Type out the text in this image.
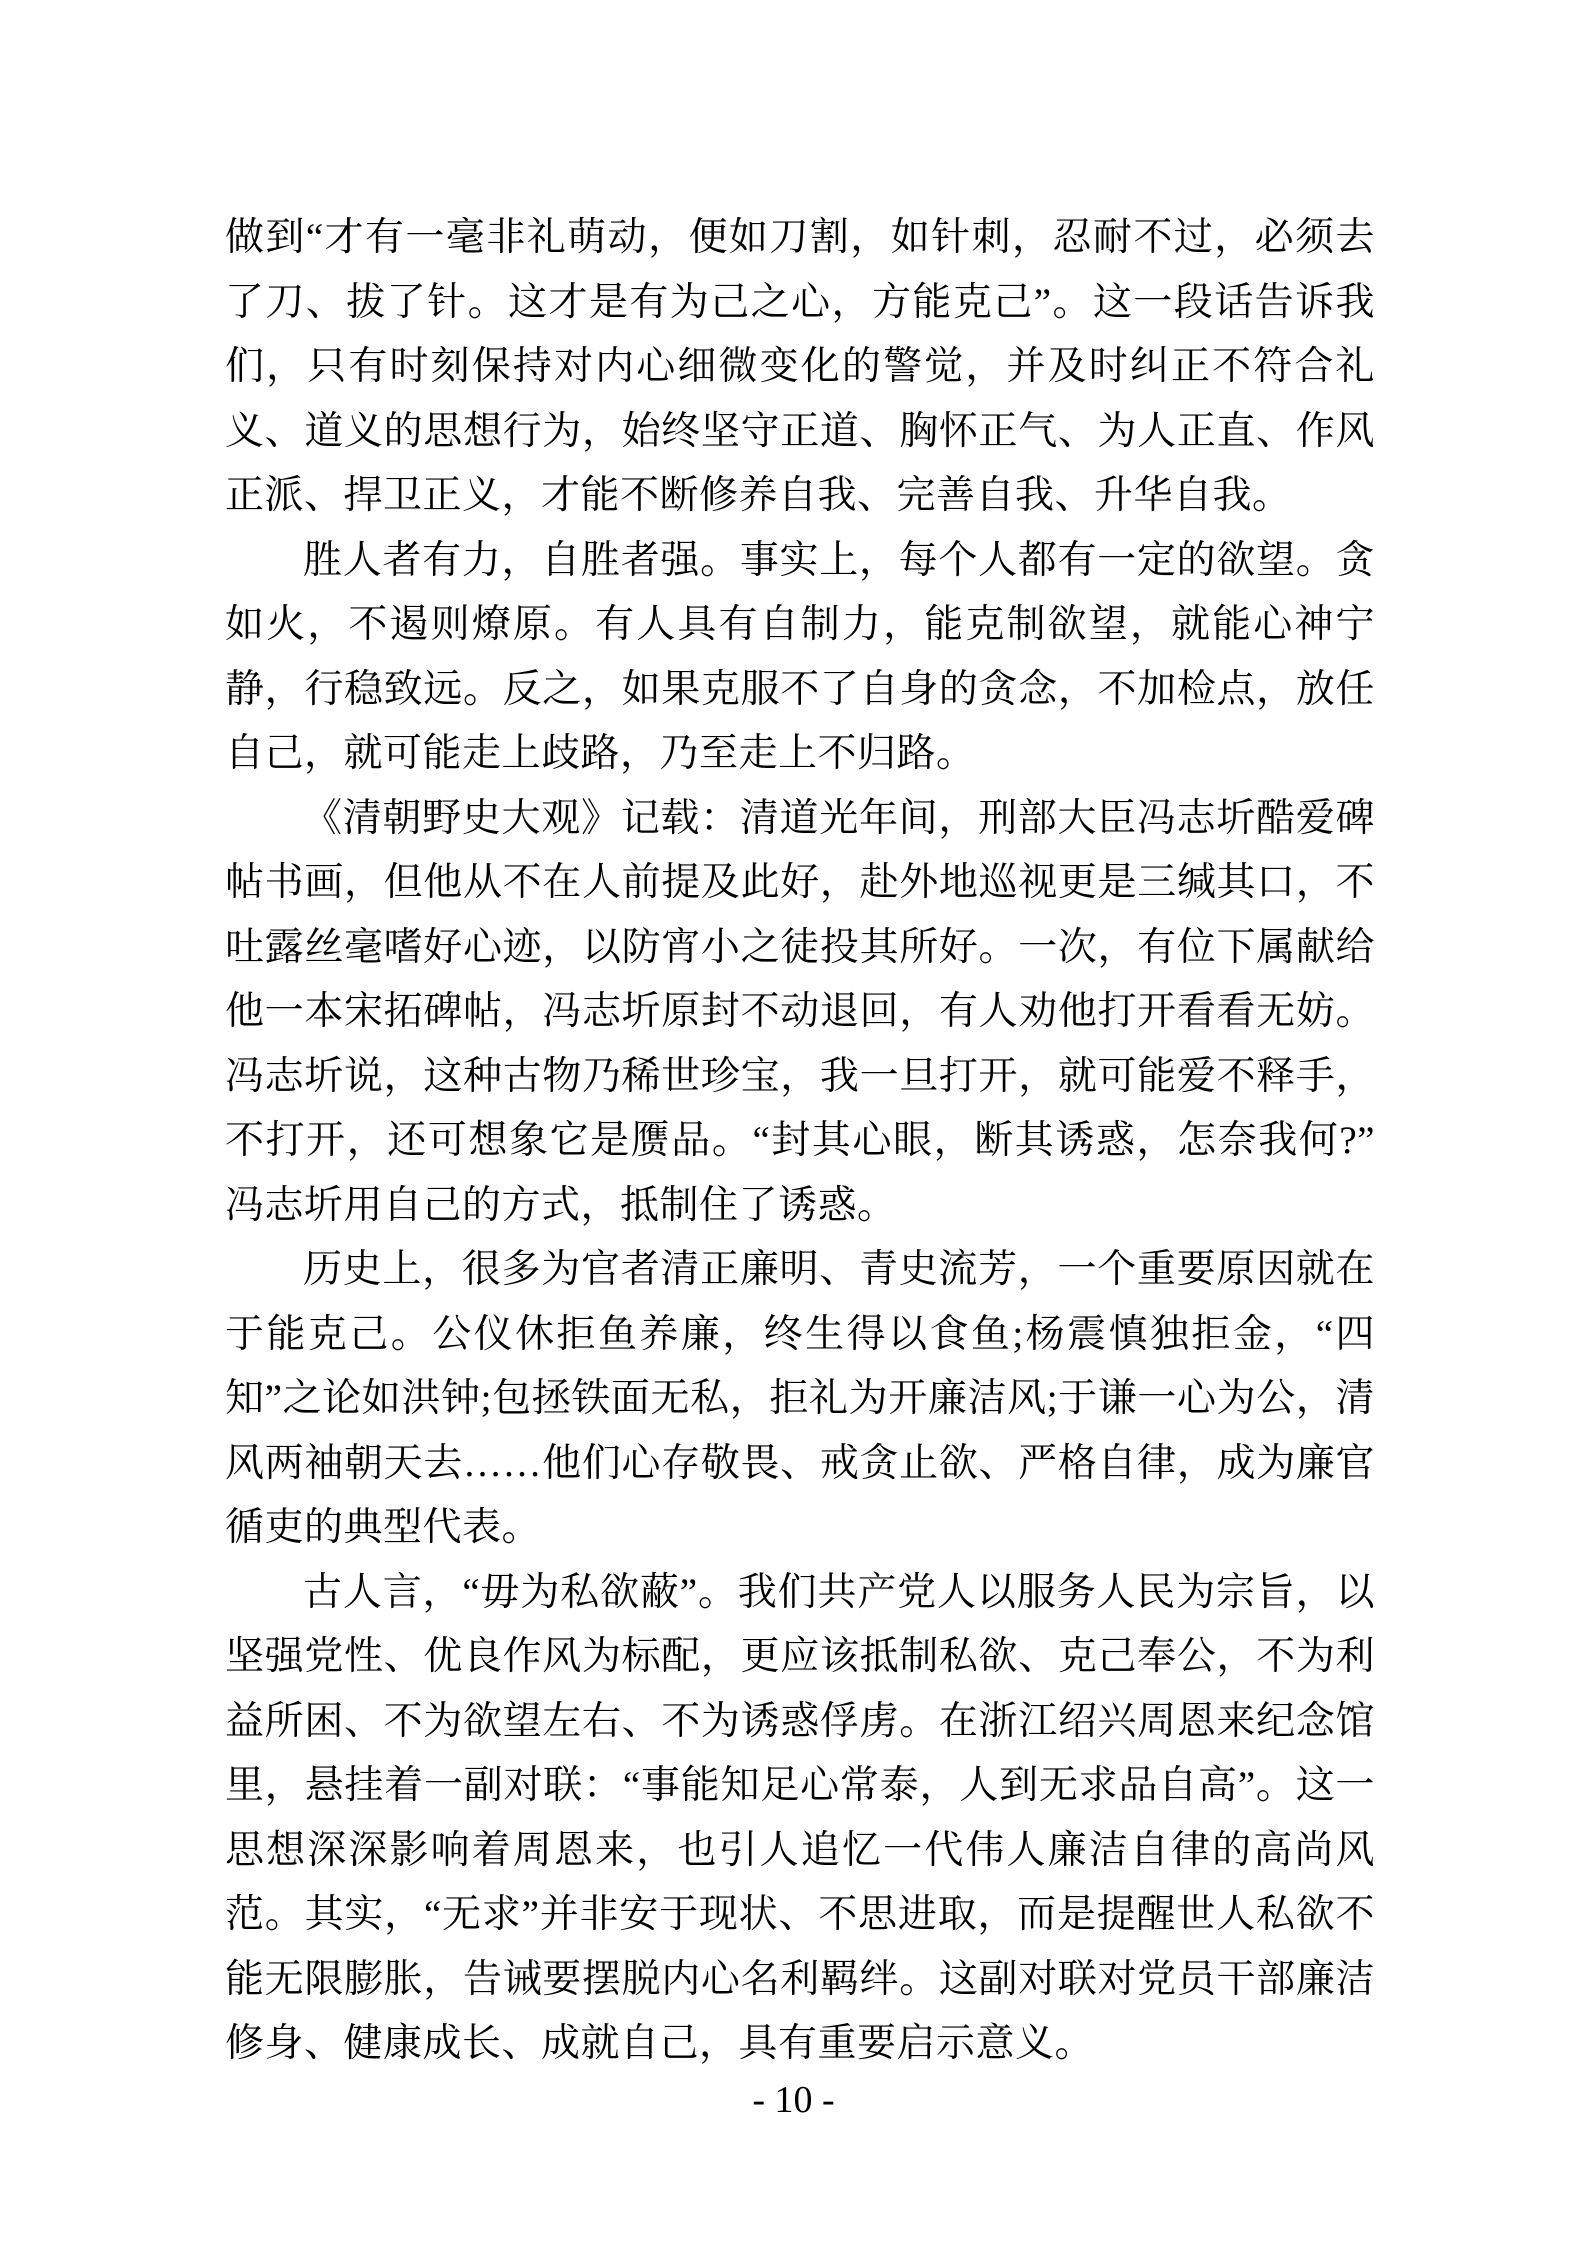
做到“才有一毫非礼萌动，便如刀割，如针刺，忍耐不过，必须去了刀、拔了针。这才是有为己之心，方能克己”。这一段话告诉我们，只有时刻保持对内心细微变化的警觉，并及时纠正不符合礼义、道义的思想行为，始终坚守正道、胸怀正气、为人正直、作风正派、捍卫正义，才能不断修养自我、完善自我、升华自我。

胜人者有力，自胜者强。事实上，每个人都有一定的欲望。贪如火，不遏则燎原。有人具有自制力，能克制欲望，就能心神宁静，行稳致远。反之，如果克服不了自身的贪念，不加检点，放任自己，就可能走上歧路，乃至走上不归路。

《清朝野史大观》记载：清道光年间，刑部大臣冯志圻酷爱碑帖书画，但他从不在人前提及此好，赴外地巡视更是三缄其口，不吐露丝毫嗜好心迹，以防宵小之徒投其所好。一次，有位下属献给他一本宋拓碑帖，冯志圻原封不动退回，有人劝他打开看看无妨。冯志圻说，这种古物乃稀世珍宝，我一旦打开，就可能爱不释手，不打开，还可想象它是赝品。“封其心眼，断其诱惑，怎奈我何?”冯志圻用自己的方式，抵制住了诱惑。

历史上，很多为官者清正廉明、青史流芳，一个重要原因就在于能克己。公仪休拒鱼养廉，终生得以食鱼;杨震慎独拒金，“四知”之论如洪钟;包拯铁面无私，拒礼为开廉洁风;于谦一心为公，清风两袖朝天去……他们心存敬畏、戒贪止欲、严格自律，成为廉官循吏的典型代表。

古人言，“毋为私欲蔽”。我们共产党人以服务人民为宗旨，以坚强党性、优良作风为标配，更应该抵制私欲、克己奉公，不为利益所困、不为欲望左右、不为诱惑俘虏。在浙江绍兴周恩来纪念馆里，悬挂着一副对联：“事能知足心常泰，人到无求品自高”。这一思想深深影响着周恩来，也引人追忆一代伟人廉洁自律的高尚风范。其实，“无求”并非安于现状、不思进取，而是提醒世人私欲不能无限膨胀，告诫要摆脱内心名利羁绊。这副对联对党员干部廉洁修身、健康成长、成就自己，具有重要启示意义。

- 10 -
